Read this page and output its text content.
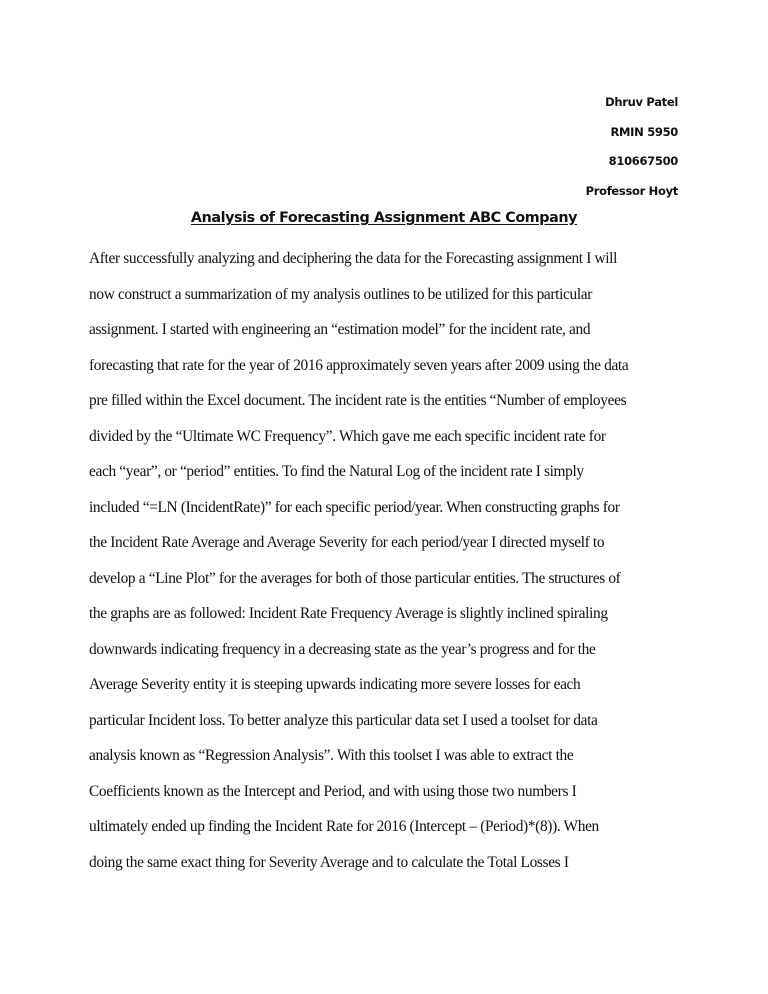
Dhruv Patel
RMIN 5950
810667500
Professor Hoyt
Analysis of Forecasting Assignment ABC Company
After successfully analyzing and deciphering the data for the Forecasting assignment I will
now construct a summarization of my analysis outlines to be utilized for this particular
assignment. I started with engineering an “estimation model” for the incident rate, and
forecasting that rate for the year of 2016 approximately seven years after 2009 using the data
pre filled within the Excel document. The incident rate is the entities “Number of employees
divided by the “Ultimate WC Frequency”. Which gave me each specific incident rate for
each “year”, or “period” entities. To find the Natural Log of the incident rate I simply
included “=LN (IncidentRate)” for each specific period/year. When constructing graphs for
the Incident Rate Average and Average Severity for each period/year I directed myself to
develop a “Line Plot” for the averages for both of those particular entities. The structures of
the graphs are as followed: Incident Rate Frequency Average is slightly inclined spiraling
downwards indicating frequency in a decreasing state as the year’s progress and for the
Average Severity entity it is steeping upwards indicating more severe losses for each
particular Incident loss. To better analyze this particular data set I used a toolset for data
analysis known as “Regression Analysis”. With this toolset I was able to extract the
Coefficients known as the Intercept and Period, and with using those two numbers I
ultimately ended up finding the Incident Rate for 2016 (Intercept – (Period)*(8)). When
doing the same exact thing for Severity Average and to calculate the Total Losses I
